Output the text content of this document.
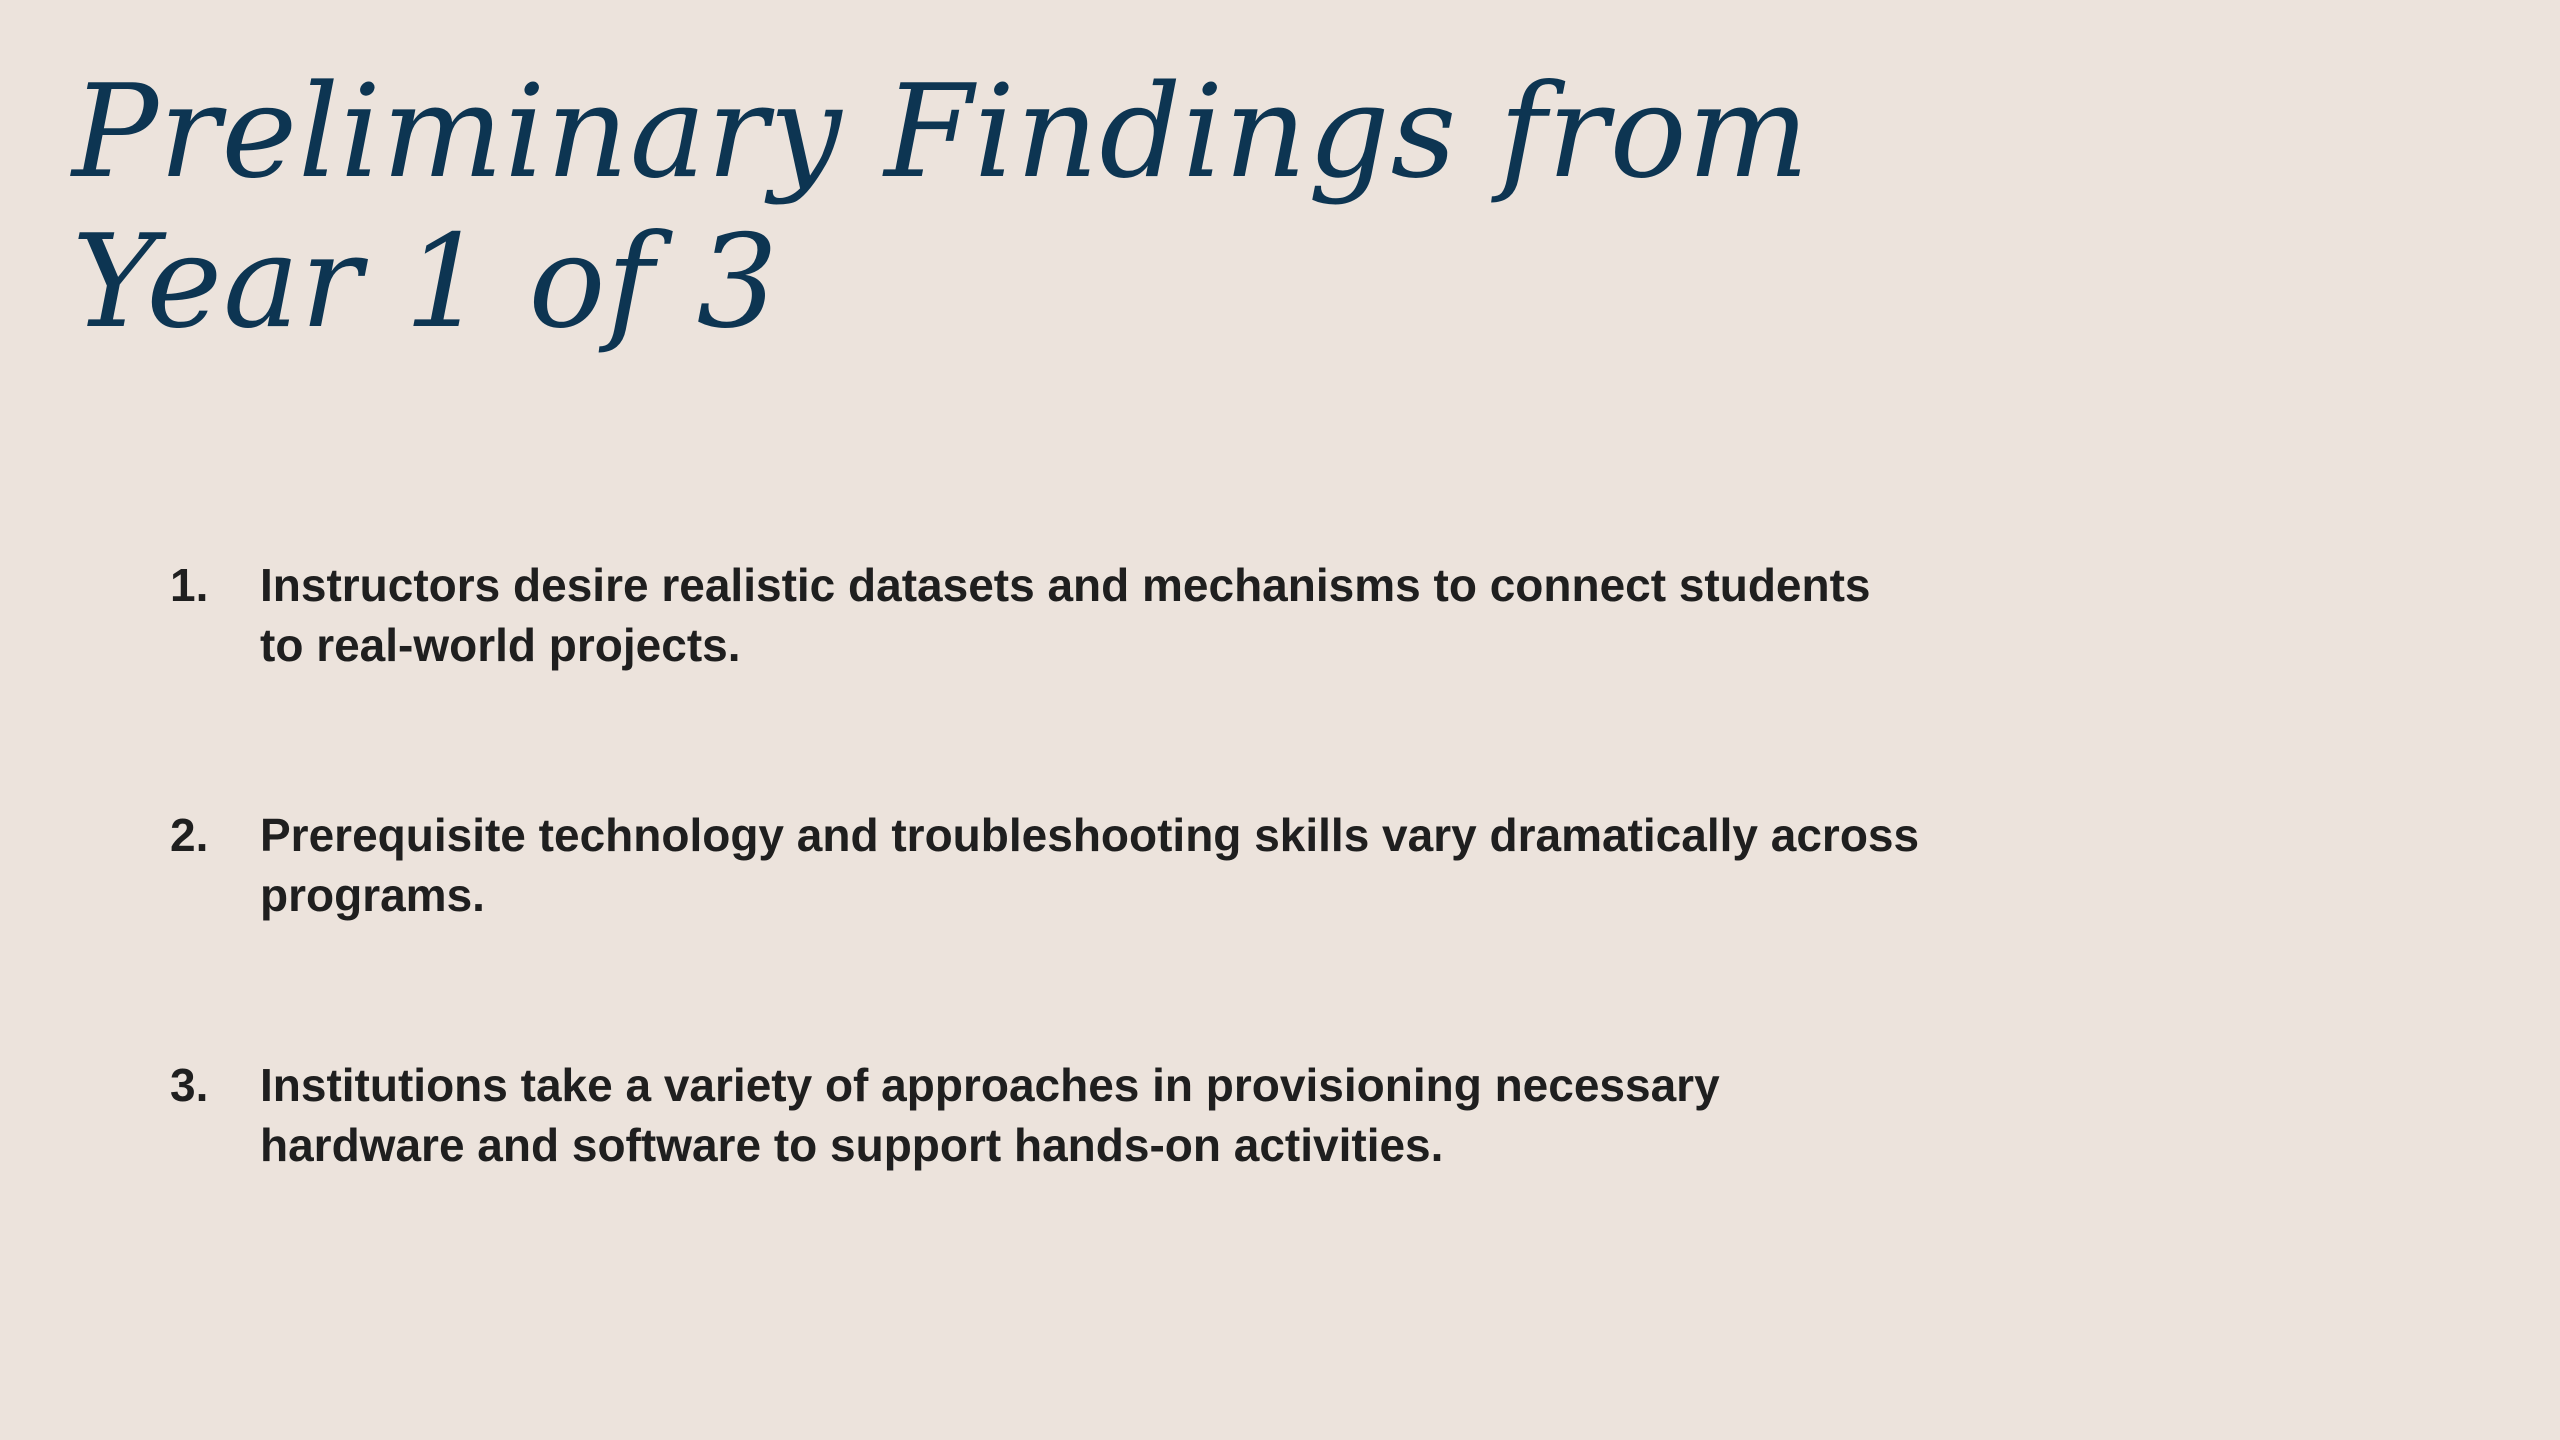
Preliminary Findings from
Year 1 of 3
1.	Instructors desire realistic datasets and mechanisms to connect students
to real-world projects.
2.	Prerequisite technology and troubleshooting skills vary dramatically across
programs.
3.	Institutions take a variety of approaches in provisioning necessary
hardware and software to support hands-on activities.
